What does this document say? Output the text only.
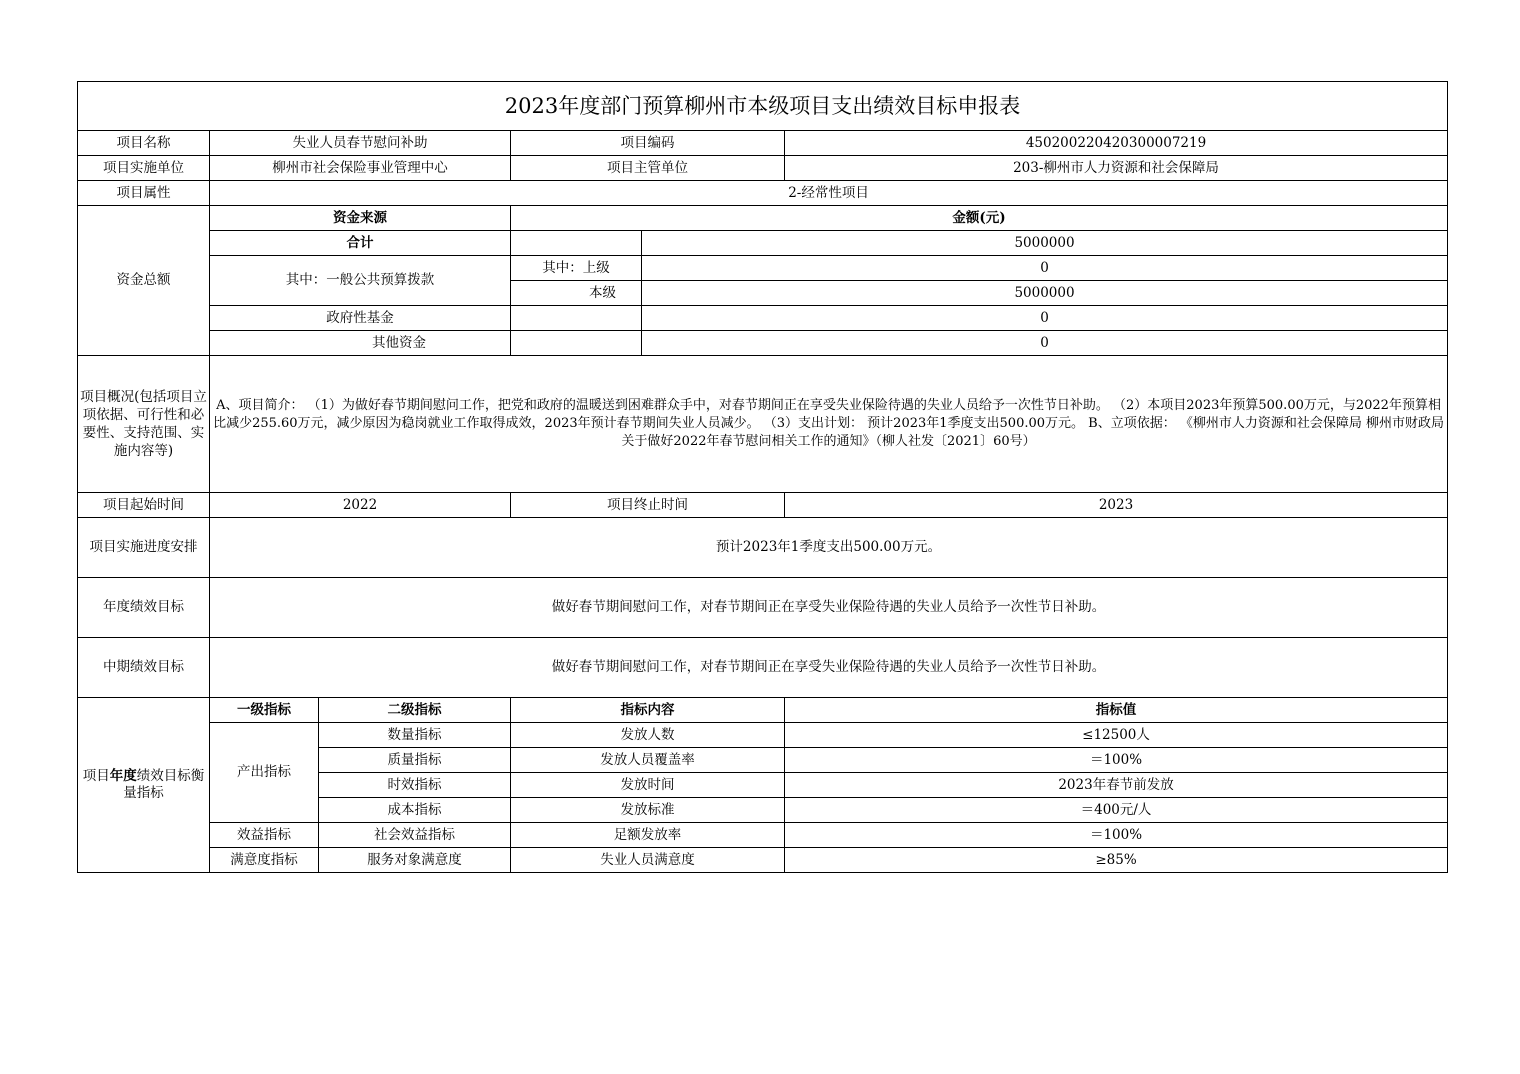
2023年度部门预算柳州市本级项目支出绩效目标申报表					
项目名称	失业人员春节慰问补助		项目编码		450200220420300007219
项目实施单位	柳州市社会保险事业管理中心		项目主管单位		203-柳州市人力资源和社会保障局
项目属性	2-经常性项目				
资金总额	资金来源		金额(元)		
	合计			5000000	
	其中：一般公共预算拨款		其中：上级	0	
			本级	5000000	
	政府性基金			0	
	其他资金			0	
项目概况(包括项目立项依据、可行性和必要性、支持范围、实施内容等)	A、项目简介： （1）为做好春节期间慰问工作，把党和政府的温暖送到困难群众手中，对春节期间正在享受失业保险待遇的失业人员给予一次性节日补助。 （2）本项目2023年预算500.00万元，与2022年预算相比减少255.60万元，减少原因为稳岗就业工作取得成效，2023年预计春节期间失业人员减少。 （3）支出计划： 预计2023年1季度支出500.00万元。 B、立项依据： 《柳州市人力资源和社会保障局 柳州市财政局关于做好2022年春节慰问相关工作的通知》（柳人社发〔2021〕60号）				
项目起始时间	2022		项目终止时间		2023
项目实施进度安排	预计2023年1季度支出500.00万元。				
年度绩效目标	做好春节期间慰问工作，对春节期间正在享受失业保险待遇的失业人员给予一次性节日补助。				
中期绩效目标	做好春节期间慰问工作，对春节期间正在享受失业保险待遇的失业人员给予一次性节日补助。				
项目年度绩效目标衡量指标	一级指标	二级指标	指标内容		指标值
	产出指标	数量指标	发放人数		≤12500人
		质量指标	发放人员覆盖率		＝100%
		时效指标	发放时间		2023年春节前发放
		成本指标	发放标准		＝400元/人
	效益指标	社会效益指标	足额发放率		＝100%
	满意度指标	服务对象满意度	失业人员满意度		≥85%
